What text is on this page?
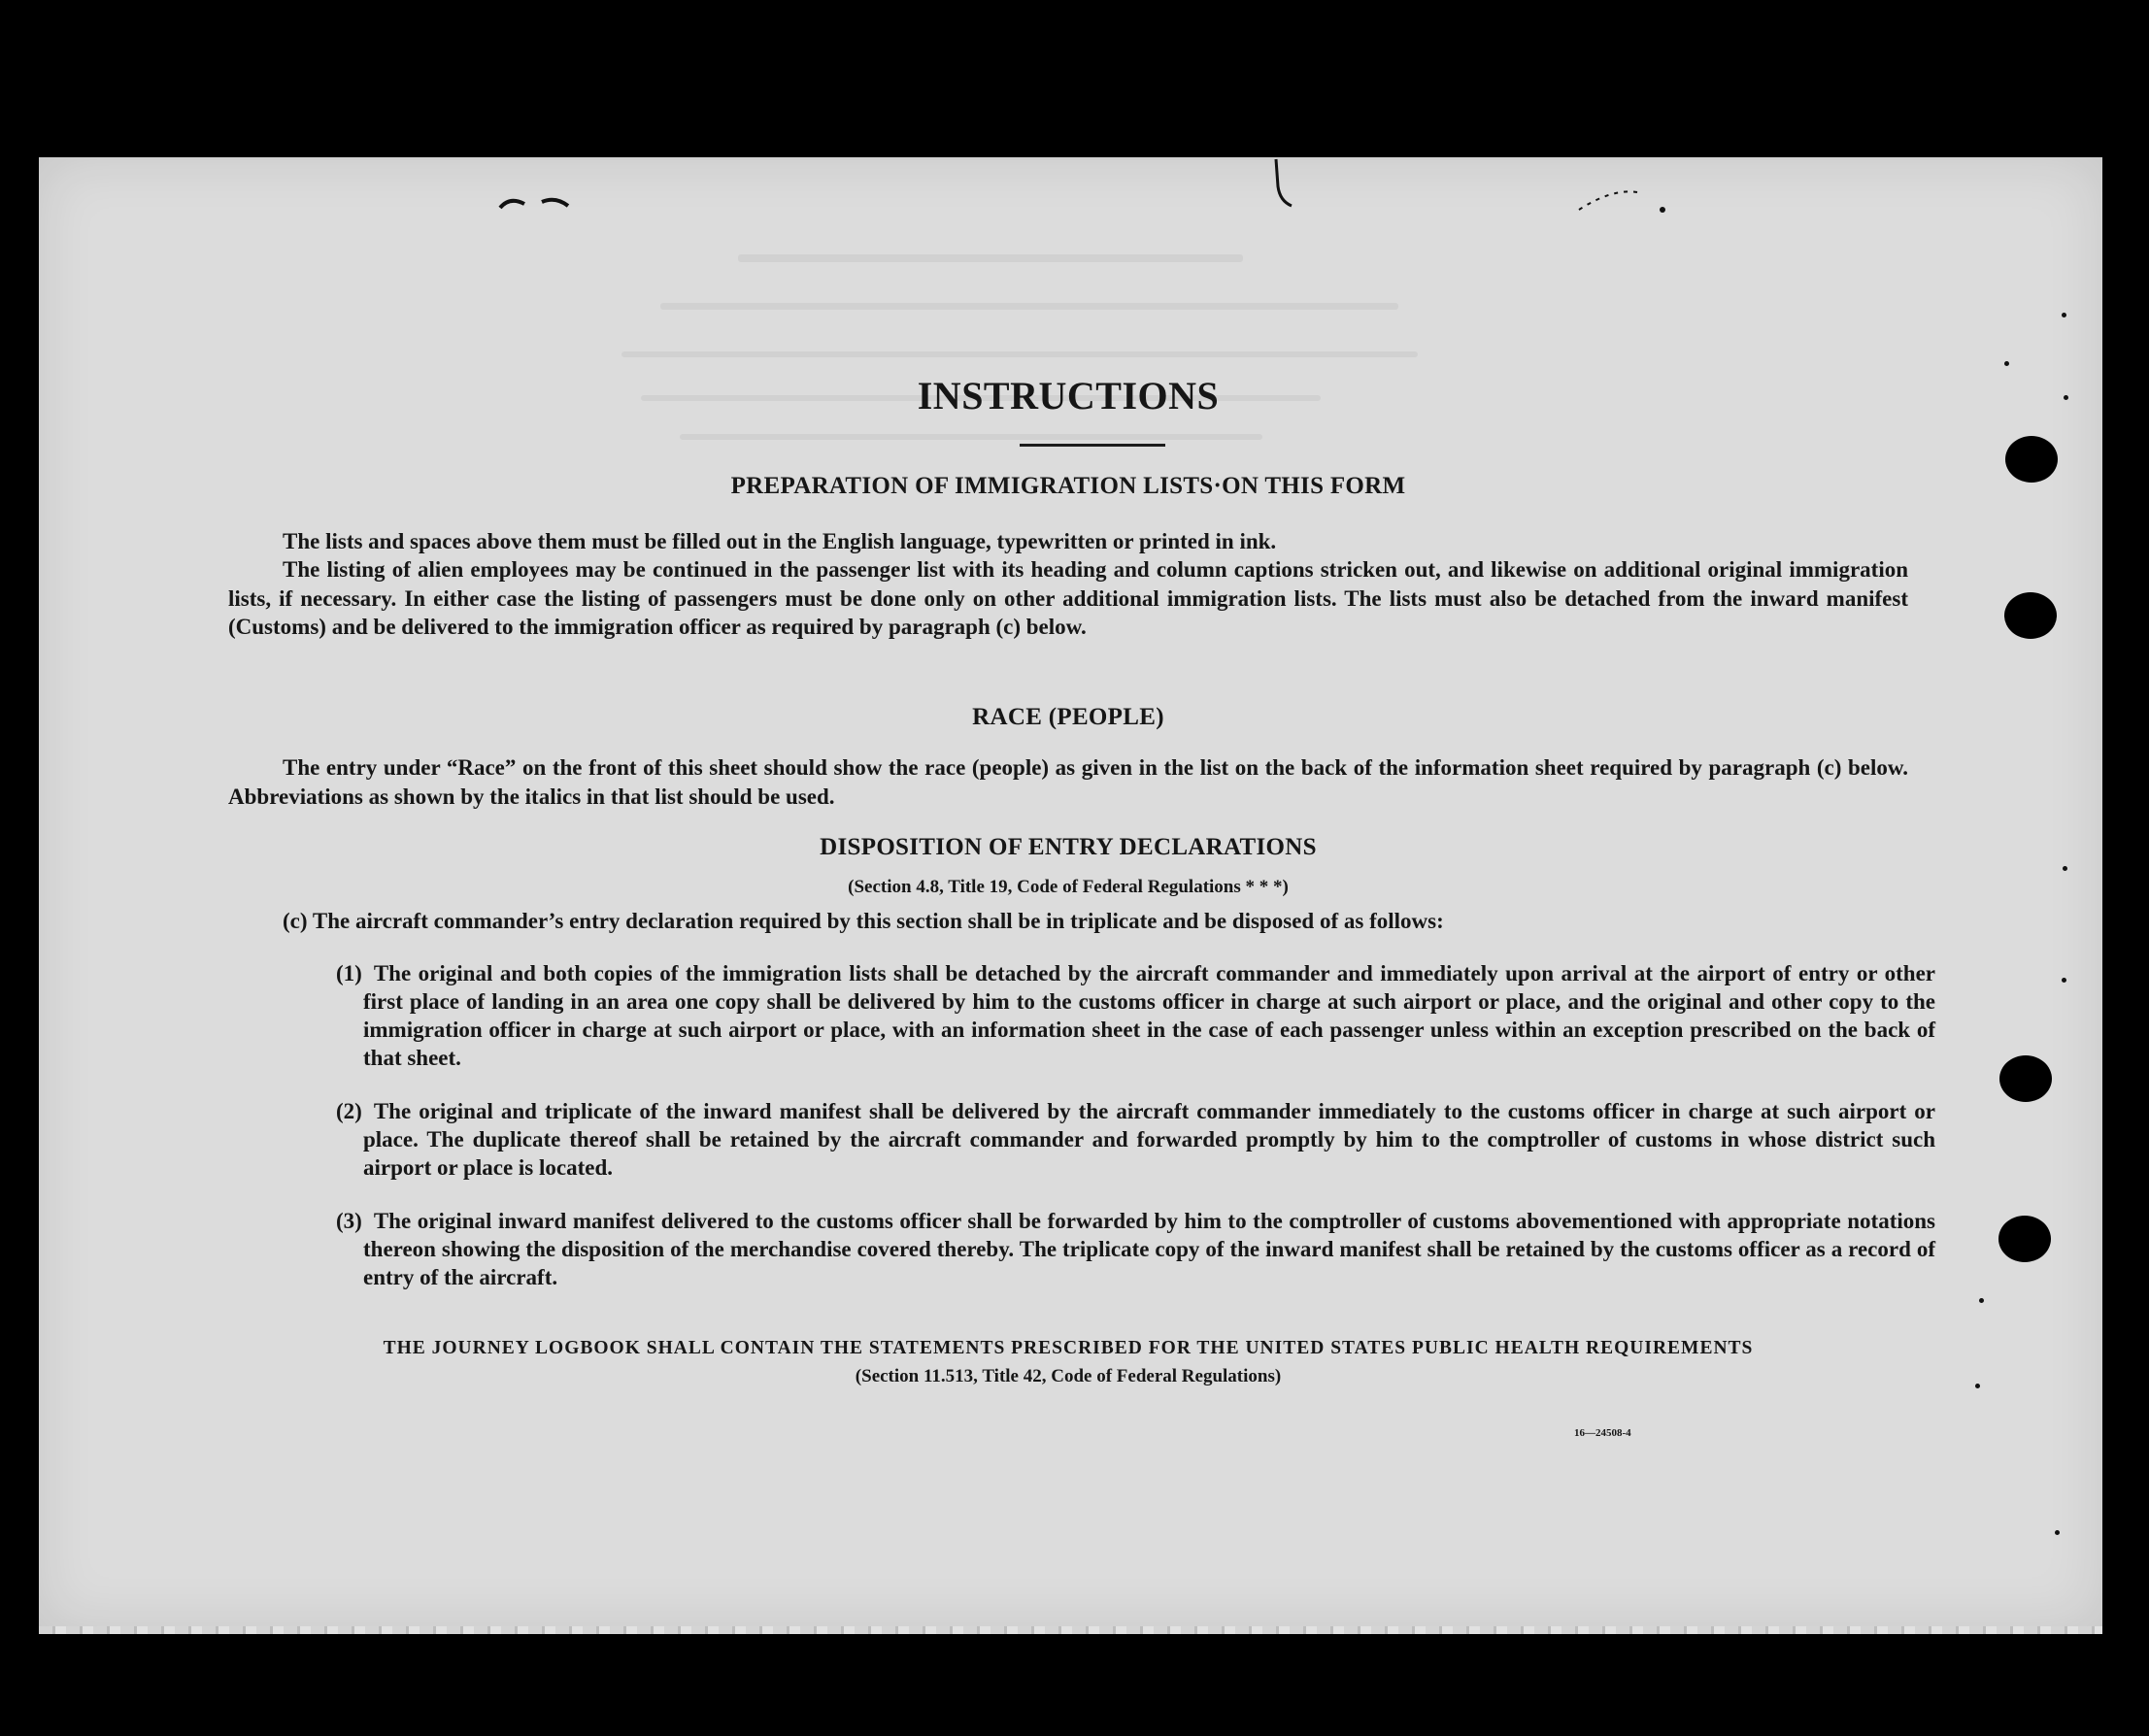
INSTRUCTIONS
PREPARATION OF IMMIGRATION LISTS·ON THIS FORM

The lists and spaces above them must be filled out in the English language, typewritten or printed in ink.

The listing of alien employees may be continued in the passenger list with its heading and column captions stricken out, and likewise on additional original immigration lists, if necessary. In either case the listing of passengers must be done only on other additional immigration lists. The lists must also be detached from the inward manifest (Customs) and be delivered to the immigration officer as required by paragraph (c) below.

RACE (PEOPLE)

The entry under “Race” on the front of this sheet should show the race (people) as given in the list on the back of the information sheet required by paragraph (c) below. Abbreviations as shown by the italics in that list should be used.

DISPOSITION OF ENTRY DECLARATIONS
(Section 4.8, Title 19, Code of Federal Regulations * * *)

(c) The aircraft commander’s entry declaration required by this section shall be in triplicate and be disposed of as follows:

(1) The original and both copies of the immigration lists shall be detached by the aircraft commander and immediately upon arrival at the airport of entry or other first place of landing in an area one copy shall be delivered by him to the customs officer in charge at such airport or place, and the original and other copy to the immigration officer in charge at such airport or place, with an information sheet in the case of each passenger unless within an exception prescribed on the back of that sheet.

(2) The original and triplicate of the inward manifest shall be delivered by the aircraft commander immediately to the customs officer in charge at such airport or place. The duplicate thereof shall be retained by the aircraft commander and forwarded promptly by him to the comptroller of customs in whose district such airport or place is located.

(3) The original inward manifest delivered to the customs officer shall be forwarded by him to the comptroller of customs abovementioned with appropriate notations thereon showing the disposition of the merchandise covered thereby. The triplicate copy of the inward manifest shall be retained by the customs officer as a record of entry of the aircraft.

THE JOURNEY LOGBOOK SHALL CONTAIN THE STATEMENTS PRESCRIBED FOR THE UNITED STATES PUBLIC HEALTH REQUIREMENTS
(Section 11.513, Title 42, Code of Federal Regulations)
16—24508-4
